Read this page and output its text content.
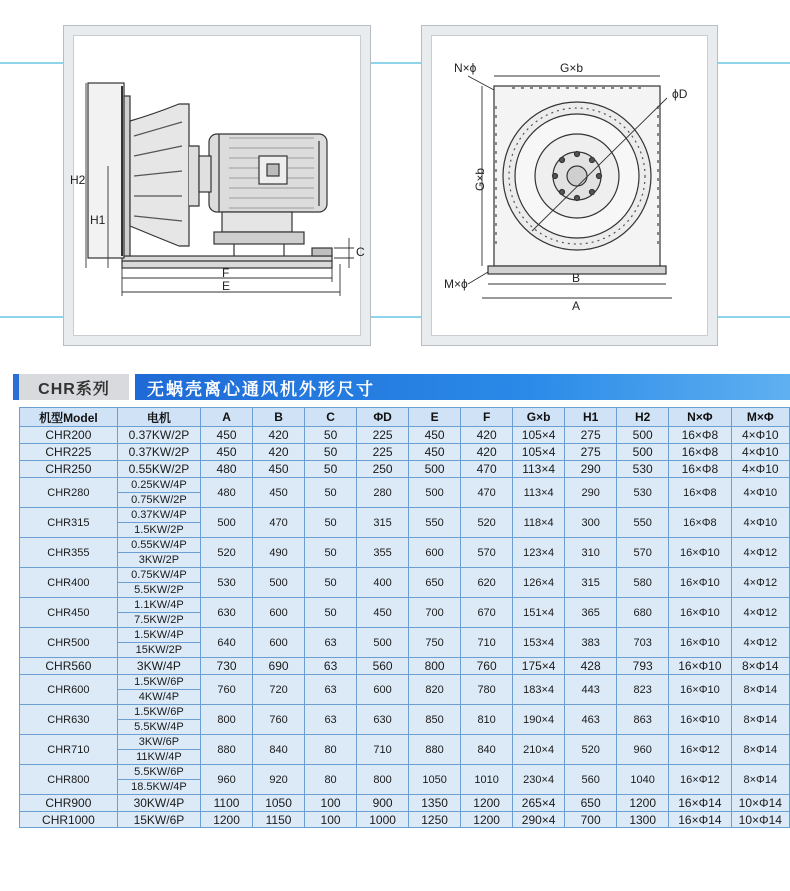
H2
H1
C
F
E
N×ϕ	G×b
ϕD
G×b
M×ϕ	B
A
CHR系列	无蜗壳离心通风机外形尺寸
机型Model	电机	A	B	C	ΦD	E	F	G×b	H1	H2	N×Φ	M×Φ
CHR200	0.37KW/2P	450	420	50	225	450	420	105×4	275	500	16×Φ8	4×Φ10
CHR225	0.37KW/2P	450	420	50	225	450	420	105×4	275	500	16×Φ8	4×Φ10
CHR250	0.55KW/2P	480	450	50	250	500	470	113×4	290	530	16×Φ8	4×Φ10
CHR280	0.25KW/4P	480	450	50	280	500	470	113×4	290	530	16×Φ8	4×Φ10
	0.75KW/2P											
CHR315	0.37KW/4P	500	470	50	315	550	520	118×4	300	550	16×Φ8	4×Φ10
	1.5KW/2P											
CHR355	0.55KW/4P	520	490	50	355	600	570	123×4	310	570	16×Φ10	4×Φ12
	3KW/2P											
CHR400	0.75KW/4P	530	500	50	400	650	620	126×4	315	580	16×Φ10	4×Φ12
	5.5KW/2P											
CHR450	1.1KW/4P	630	600	50	450	700	670	151×4	365	680	16×Φ10	4×Φ12
	7.5KW/2P											
CHR500	1.5KW/4P	640	600	63	500	750	710	153×4	383	703	16×Φ10	4×Φ12
	15KW/2P											
CHR560	3KW/4P	730	690	63	560	800	760	175×4	428	793	16×Φ10	8×Φ14
CHR600	1.5KW/6P	760	720	63	600	820	780	183×4	443	823	16×Φ10	8×Φ14
	4KW/4P											
CHR630	1.5KW/6P	800	760	63	630	850	810	190×4	463	863	16×Φ10	8×Φ14
	5.5KW/4P											
CHR710	3KW/6P	880	840	80	710	880	840	210×4	520	960	16×Φ12	8×Φ14
	11KW/4P											
CHR800	5.5KW/6P	960	920	80	800	1050	1010	230×4	560	1040	16×Φ12	8×Φ14
	18.5KW/4P											
CHR900	30KW/4P	1100	1050	100	900	1350	1200	265×4	650	1200	16×Φ14	10×Φ14
CHR1000	15KW/6P	1200	1150	100	1000	1250	1200	290×4	700	1300	16×Φ14	10×Φ14
